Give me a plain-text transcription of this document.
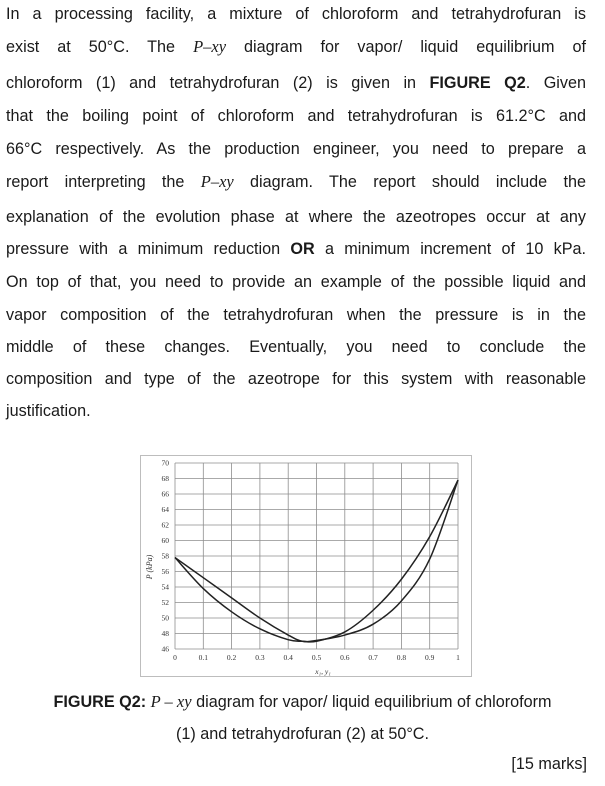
In a processing facility, a mixture of chloroform and tetrahydrofuran is
exist at 50°C. The P–xy diagram for vapor/ liquid equilibrium of
chloroform (1) and tetrahydrofuran (2) is given in FIGURE Q2. Given
that the boiling point of chloroform and tetrahydrofuran is 61.2°C and
66°C respectively. As the production engineer, you need to prepare a
report interpreting the P–xy diagram. The report should include the
explanation of the evolution phase at where the azeotropes occur at any
pressure with a minimum reduction OR a minimum increment of 10 kPa.
On top of that, you need to provide an example of the possible liquid and
vapor composition of the tetrahydrofuran when the pressure is in the
middle of these changes. Eventually, you need to conclude the
composition and type of the azeotrope for this system with reasonable
justification.
46
48
50
52
54
56
58
60
62
64
66
68
70
0	0.1	0.2	0.3	0.4	0.5	0.6	0.7	0.8	0.9	1
P (kPa)
x₁, y₁
FIGURE Q2: P – xy diagram for vapor/ liquid equilibrium of chloroform
(1) and tetrahydrofuran (2) at 50°C.
[15 marks]
